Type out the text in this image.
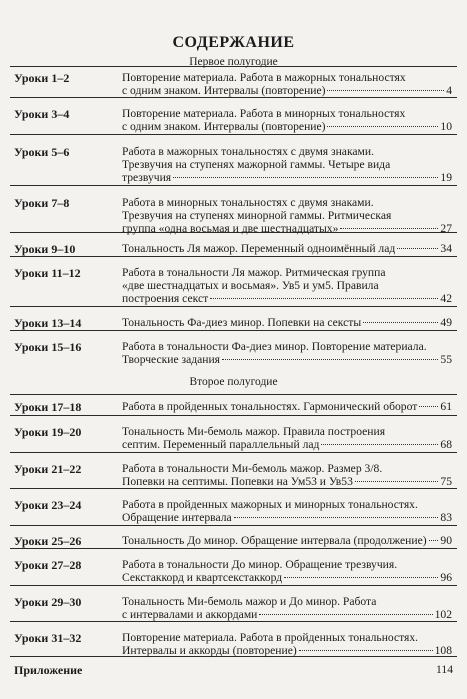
СОДЕРЖАНИЕ
Первое полугодие
Второе полугодие
Уроки 1–2	Повторение материала. Работа в мажорных тональностях
с одним знаком. Интервалы (повторение)	4
Уроки 3–4	Повторение материала. Работа в минорных тональностях
с одним знаком. Интервалы (повторение)	10
Уроки 5–6	Работа в мажорных тональностях с двумя знаками.
Трезвучия на ступенях мажорной гаммы. Четыре вида
трезвучия	19
Уроки 7–8	Работа в минорных тональностях с двумя знаками.
Трезвучия на ступенях минорной гаммы. Ритмическая
группа «одна восьмая и две шестнадцатых»	27
Уроки 9–10	Тональность Ля мажор. Переменный одноимённый лад	34
Уроки 11–12	Работа в тональности Ля мажор. Ритмическая группа
«две шестнадцатых и восьмая». Ув5 и ум5. Правила
построения секст	42
Уроки 13–14	Тональность Фа-диез минор. Попевки на сексты	49
Уроки 15–16	Работа в тональности Фа-диез минор. Повторение материала.
Творческие задания	55
Уроки 17–18	Работа в пройденных тональностях. Гармонический оборот 61
Уроки 19–20	Тональность Ми-бемоль мажор. Правила построения
септим. Переменный параллельный лад	68
Уроки 21–22	Работа в тональности Ми-бемоль мажор. Размер 3/8.
Попевки на септимы. Попевки на Ум53 и Ув53	75
Уроки 23–24	Работа в пройденных мажорных и минорных тональностях.
Обращение интервала	83
Уроки 25–26	Тональность До минор. Обращение интервала (продолжение) 90
Уроки 27–28	Работа в тональности До минор. Обращение трезвучия.
Секстаккорд и квартсекстаккорд	96
Уроки 29–30	Тональность Ми-бемоль мажор и До минор. Работа
с интервалами и аккордами	102
Уроки 31–32	Повторение материала. Работа в пройденных тональностях.
Интервалы и аккорды (повторение)	108
Приложение	114
